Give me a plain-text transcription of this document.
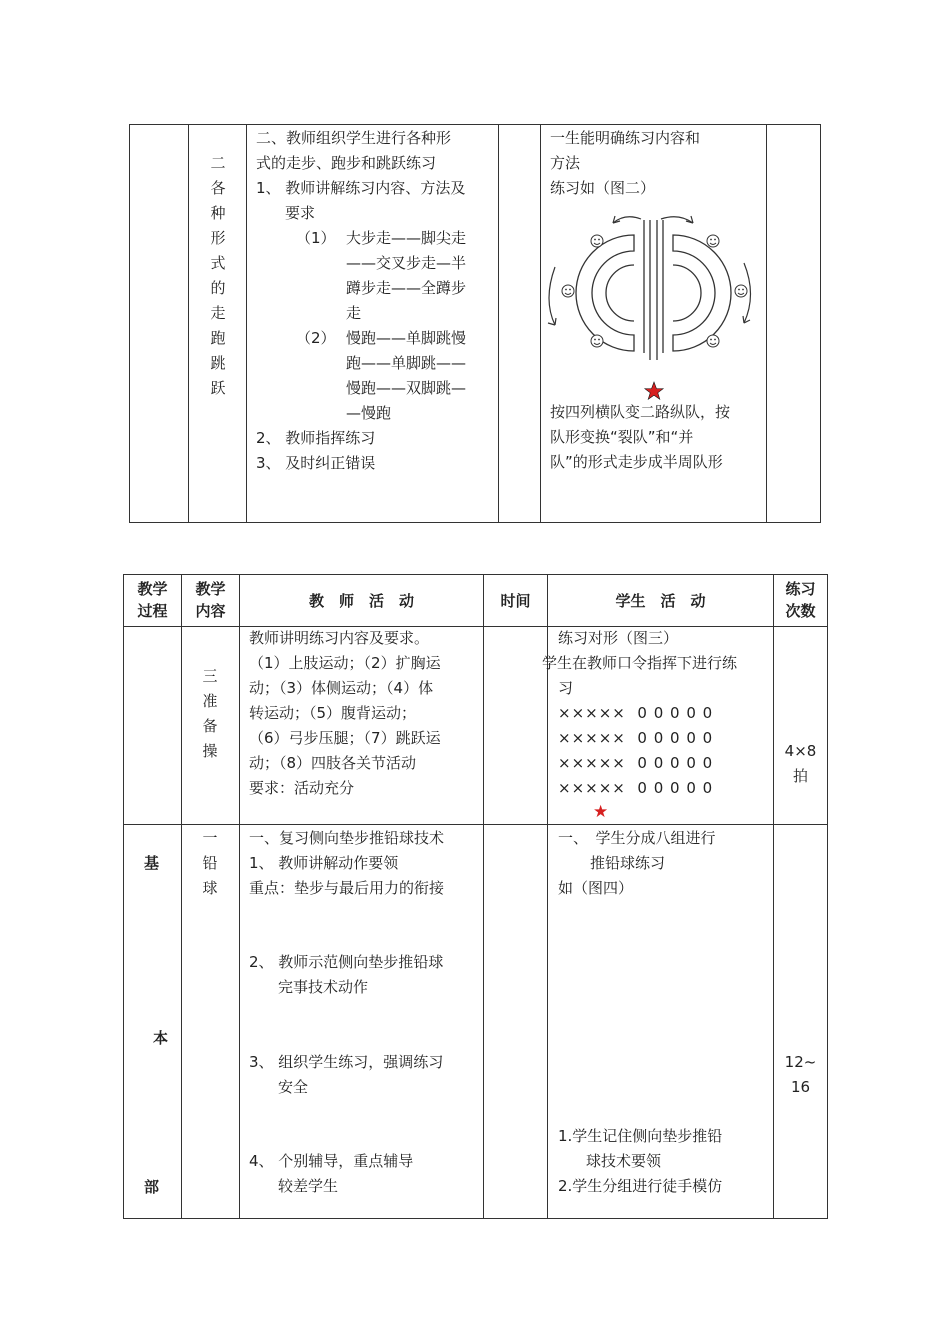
二
各
种
形
式
的
走
跑
跳
跃
二、教师组织学生进行各种形
式的走步、跑步和跳跃练习
1、 教师讲解练习内容、方法及
要求
（1） 大步走——脚尖走
——交叉步走—半
蹲步走——全蹲步
走
（2） 慢跑——单脚跳慢
跑——单脚跳——
慢跑——双脚跳—
—慢跑
2、 教师指挥练习
3、 及时纠正错误
一生能明确练习内容和
方法
练习如（图二）
按四列横队变二路纵队，按
队形变换“裂队”和“并
队”的形式走步成半周队形
教学
过程
教学
内容
教　师　活　动	时间	学生　活　动
练习
次数
三
准
备
操
教师讲明练习内容及要求。
（1）上肢运动；（2）扩胸运
动；（3）体侧运动；（4）体
转运动；（5）腹背运动；
（6）弓步压腿；（7）跳跃运
动；（8）四肢各关节活动
要求：活动充分
练习对形（图三）
学生在教师口令指挥下进行练
习
×××××  0 0 0 0 0
×××××  0 0 0 0 0
×××××  0 0 0 0 0
×××××  0 0 0 0 0
★
4×8
拍
基
本
部
一
铅
球
一、复习侧向垫步推铅球技术
1、 教师讲解动作要领
重点：垫步与最后用力的衔接
2、 教师示范侧向垫步推铅球
完事技术动作
3、 组织学生练习，强调练习
安全
4、 个别辅导，重点辅导
较差学生
一、　学生分成八组进行
推铅球练习
如（图四）
1.学生记住侧向垫步推铅
球技术要领
2.学生分组进行徒手模仿
12~
16
